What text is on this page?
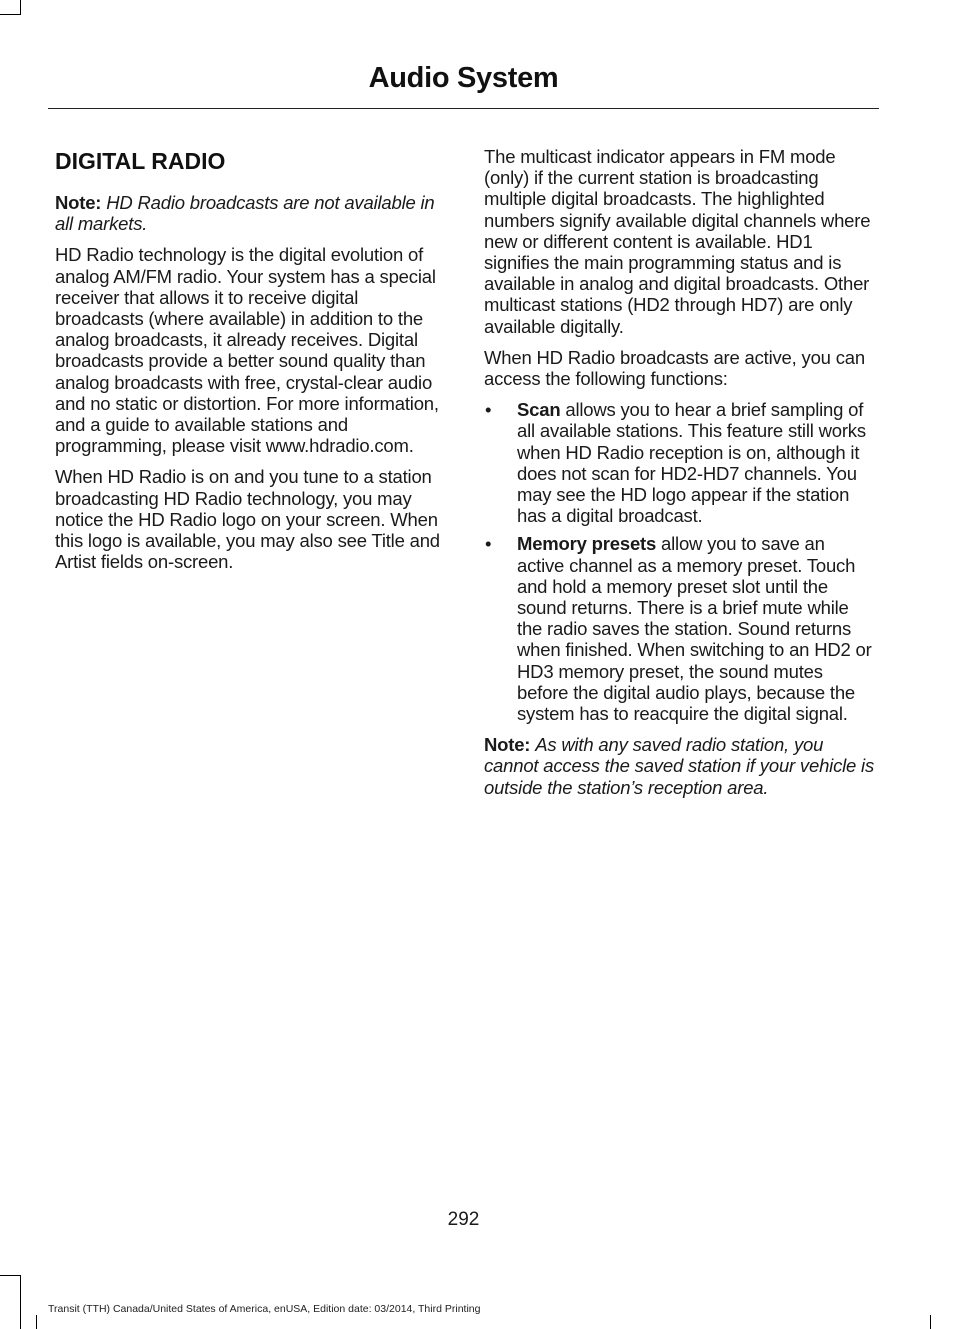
Audio System
DIGITAL RADIO

Note: HD Radio broadcasts are not available in all markets.

HD Radio technology is the digital evolution of analog AM/FM radio. Your system has a special receiver that allows it to receive digital broadcasts (where available) in addition to the analog broadcasts, it already receives. Digital broadcasts provide a better sound quality than analog broadcasts with free, crystal-clear audio and no static or distortion. For more information, and a guide to available stations and programming, please visit www.hdradio.com.

When HD Radio is on and you tune to a station broadcasting HD Radio technology, you may notice the HD Radio logo on your screen. When this logo is available, you may also see Title and Artist fields on-screen.

The multicast indicator appears in FM mode (only) if the current station is broadcasting multiple digital broadcasts. The highlighted numbers signify available digital channels where new or different content is available. HD1 signifies the main programming status and is available in analog and digital broadcasts. Other multicast stations (HD2 through HD7) are only available digitally.

When HD Radio broadcasts are active, you can access the following functions:

• Scan allows you to hear a brief sampling of all available stations. This feature still works when HD Radio reception is on, although it does not scan for HD2-HD7 channels. You may see the HD logo appear if the station has a digital broadcast.
• Memory presets allow you to save an active channel as a memory preset. Touch and hold a memory preset slot until the sound returns. There is a brief mute while the radio saves the station. Sound returns when finished. When switching to an HD2 or HD3 memory preset, the sound mutes before the digital audio plays, because the system has to reacquire the digital signal.

Note: As with any saved radio station, you cannot access the saved station if your vehicle is outside the station’s reception area.

292
Transit (TTH) Canada/United States of America, enUSA, Edition date: 03/2014, Third Printing
